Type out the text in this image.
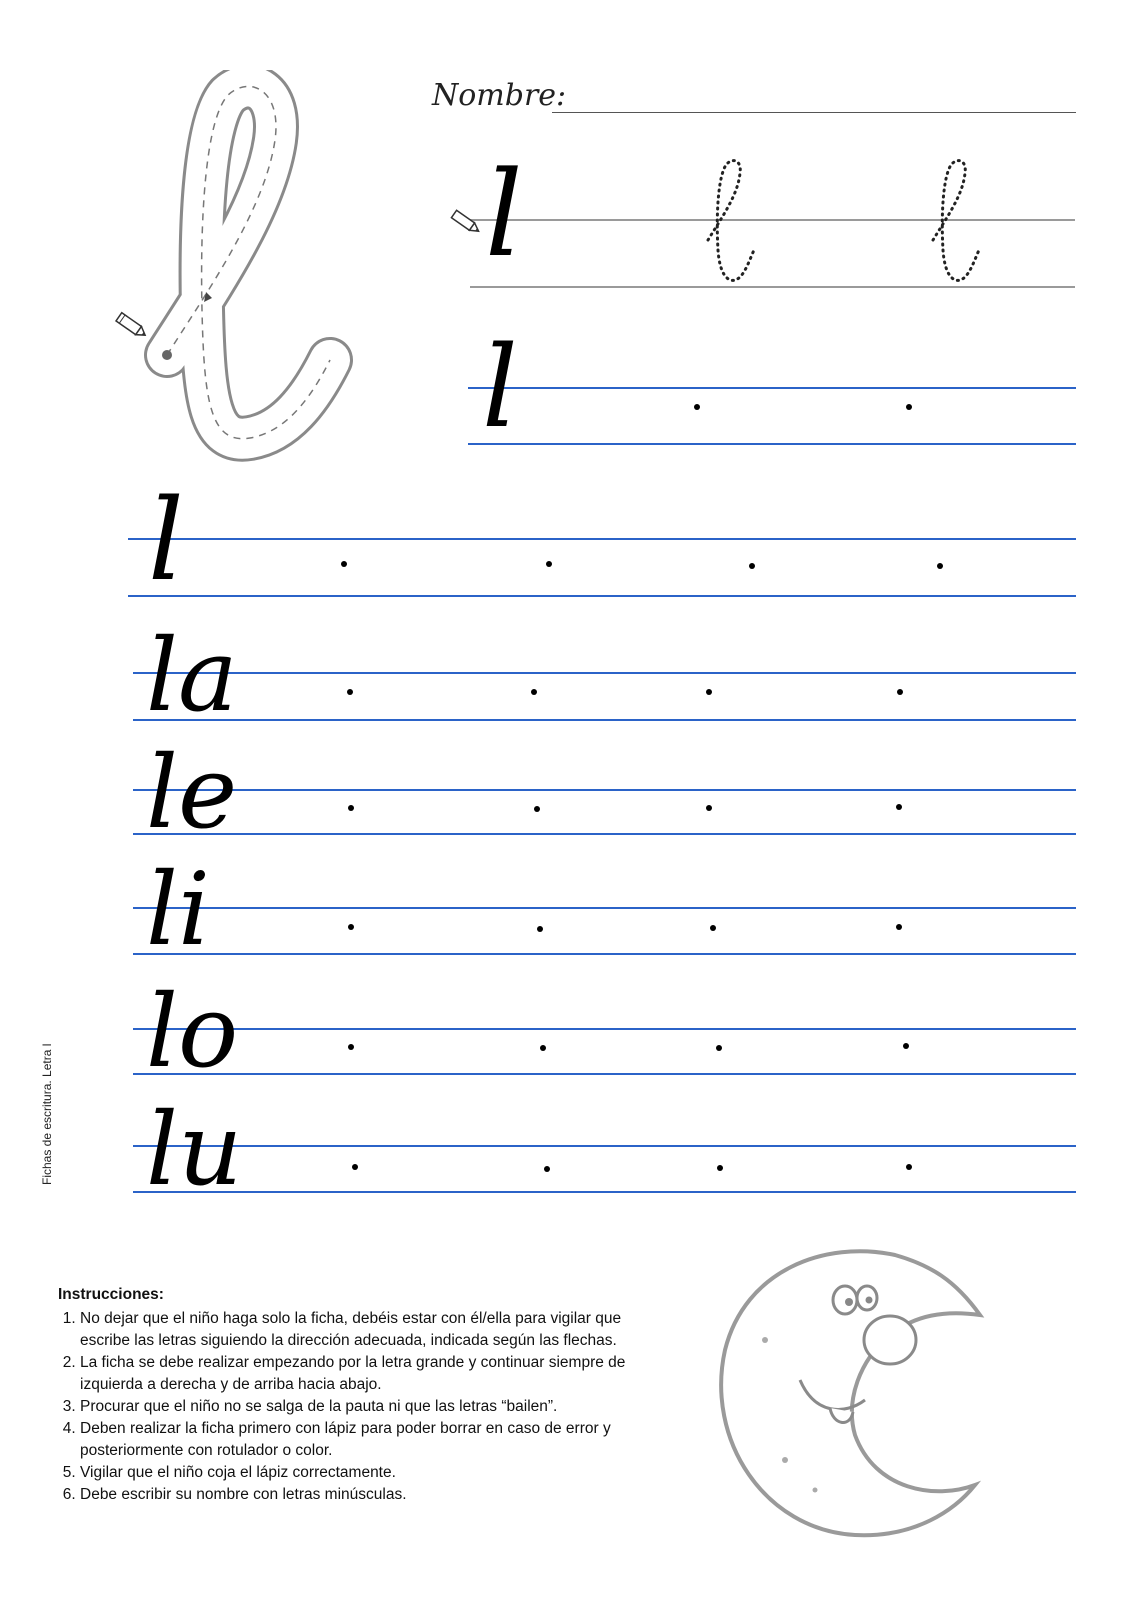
Nombre:
l
l
l
la
le
li
lo
lu
Fichas de escritura. Letra l
Instrucciones:
1. No dejar que el niño haga solo la ficha, debéis estar con él/ella para vigilar que escribe las letras siguiendo la dirección adecuada, indicada según las flechas.
2. La ficha se debe realizar empezando por la letra grande y continuar siempre de izquierda a derecha y de arriba hacia abajo.
3. Procurar que el niño no se salga de la pauta ni que las letras “bailen”.
4. Deben realizar la ficha primero con lápiz para poder borrar en caso de error y posteriormente con rotulador o color.
5. Vigilar que el niño coja el lápiz correctamente.
6. Debe escribir su nombre con letras minúsculas.
